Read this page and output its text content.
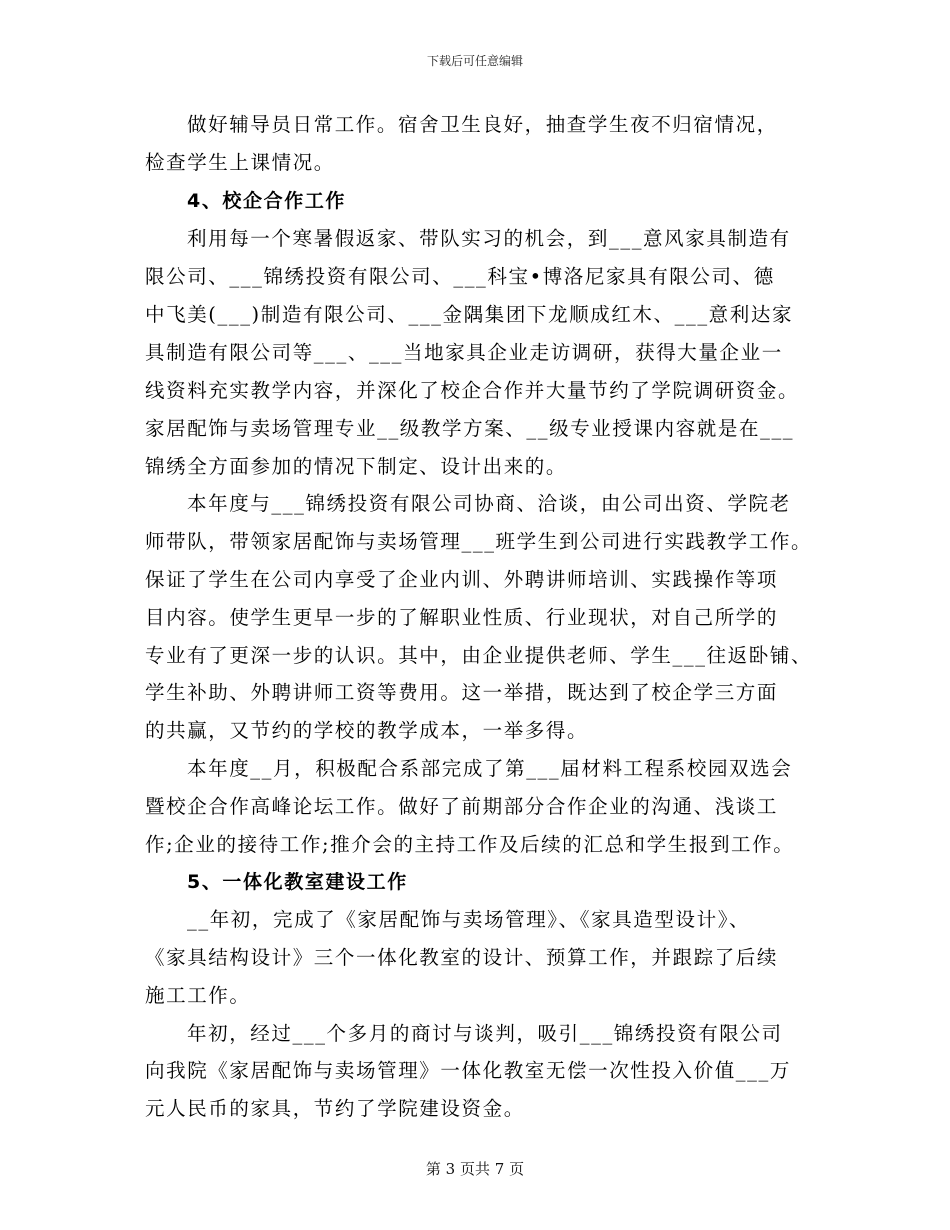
下载后可任意编辑
做好辅导员日常工作。宿舍卫生良好，抽查学生夜不归宿情况，
检查学生上课情况。
4、校企合作工作
利用每一个寒暑假返家、带队实习的机会，到___意风家具制造有
限公司、___锦绣投资有限公司、___科宝•博洛尼家具有限公司、德
中飞美(___)制造有限公司、___金隅集团下龙顺成红木、___意利达家
具制造有限公司等___、___当地家具企业走访调研，获得大量企业一
线资料充实教学内容，并深化了校企合作并大量节约了学院调研资金。
家居配饰与卖场管理专业__级教学方案、__级专业授课内容就是在___
锦绣全方面参加的情况下制定、设计出来的。
本年度与___锦绣投资有限公司协商、洽谈，由公司出资、学院老
师带队，带领家居配饰与卖场管理___班学生到公司进行实践教学工作。
保证了学生在公司内享受了企业内训、外聘讲师培训、实践操作等项
目内容。使学生更早一步的了解职业性质、行业现状，对自己所学的
专业有了更深一步的认识。其中，由企业提供老师、学生___往返卧铺、
学生补助、外聘讲师工资等费用。这一举措，既达到了校企学三方面
的共赢，又节约的学校的教学成本，一举多得。
本年度__月，积极配合系部完成了第___届材料工程系校园双选会
暨校企合作高峰论坛工作。做好了前期部分合作企业的沟通、浅谈工
作;企业的接待工作;推介会的主持工作及后续的汇总和学生报到工作。
5、一体化教室建设工作
__年初，完成了《家居配饰与卖场管理》、《家具造型设计》、
《家具结构设计》三个一体化教室的设计、预算工作，并跟踪了后续
施工工作。
年初，经过___个多月的商讨与谈判，吸引___锦绣投资有限公司
向我院《家居配饰与卖场管理》一体化教室无偿一次性投入价值___万
元人民币的家具，节约了学院建设资金。
第 3 页共 7 页
